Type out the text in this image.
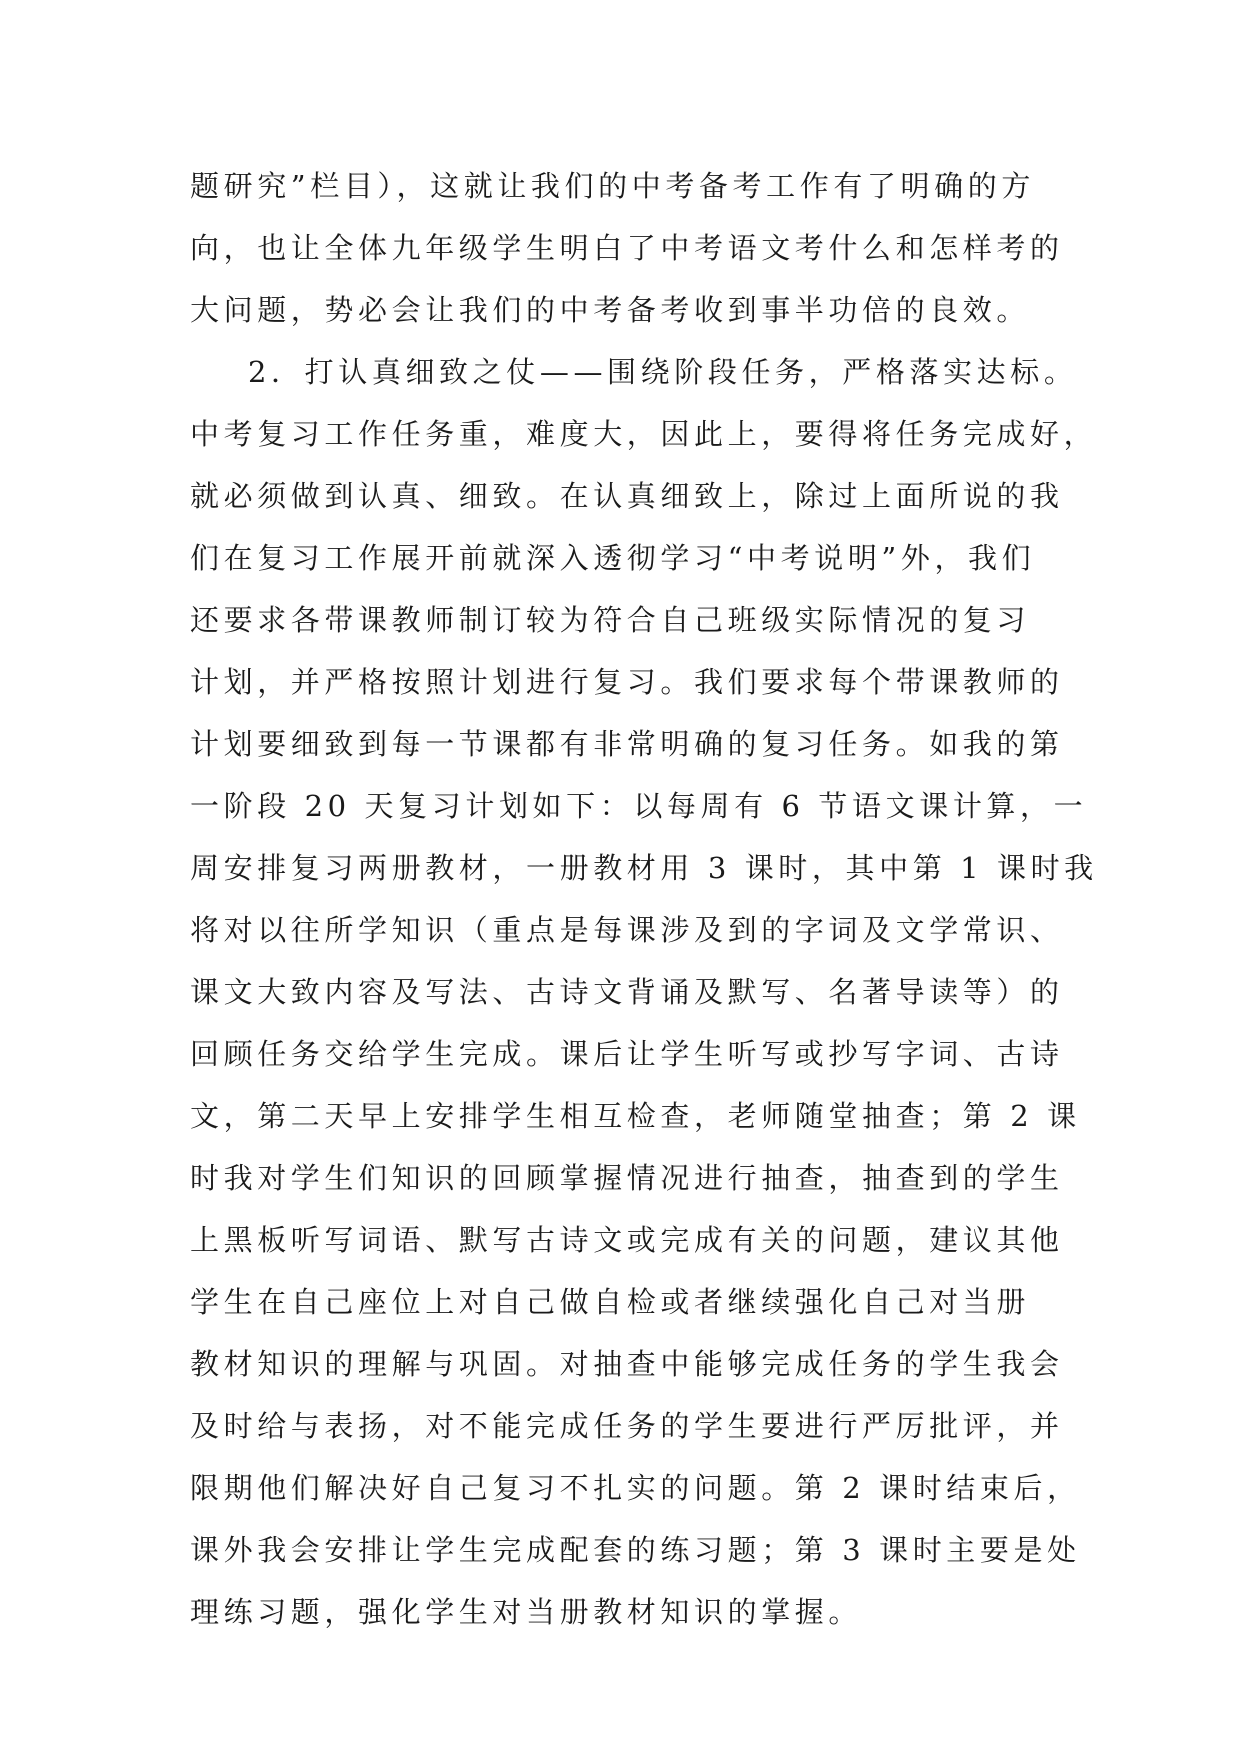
题研究”栏目），这就让我们的中考备考工作有了明确的方
向，也让全体九年级学生明白了中考语文考什么和怎样考的
大问题，势必会让我们的中考备考收到事半功倍的良效。
2．打认真细致之仗——围绕阶段任务，严格落实达标。
中考复习工作任务重，难度大，因此上，要得将任务完成好，
就必须做到认真、细致。在认真细致上，除过上面所说的我
们在复习工作展开前就深入透彻学习“中考说明”外，我们
还要求各带课教师制订较为符合自己班级实际情况的复习
计划，并严格按照计划进行复习。我们要求每个带课教师的
计划要细致到每一节课都有非常明确的复习任务。如我的第
一阶段 20 天复习计划如下：以每周有 6 节语文课计算，一
周安排复习两册教材，一册教材用 3 课时，其中第 1 课时我
将对以往所学知识（重点是每课涉及到的字词及文学常识、
课文大致内容及写法、古诗文背诵及默写、名著导读等）的
回顾任务交给学生完成。课后让学生听写或抄写字词、古诗
文，第二天早上安排学生相互检查，老师随堂抽查；第 2 课
时我对学生们知识的回顾掌握情况进行抽查，抽查到的学生
上黑板听写词语、默写古诗文或完成有关的问题，建议其他
学生在自己座位上对自己做自检或者继续强化自己对当册
教材知识的理解与巩固。对抽查中能够完成任务的学生我会
及时给与表扬，对不能完成任务的学生要进行严厉批评，并
限期他们解决好自己复习不扎实的问题。第 2 课时结束后，
课外我会安排让学生完成配套的练习题；第 3 课时主要是处
理练习题，强化学生对当册教材知识的掌握。
